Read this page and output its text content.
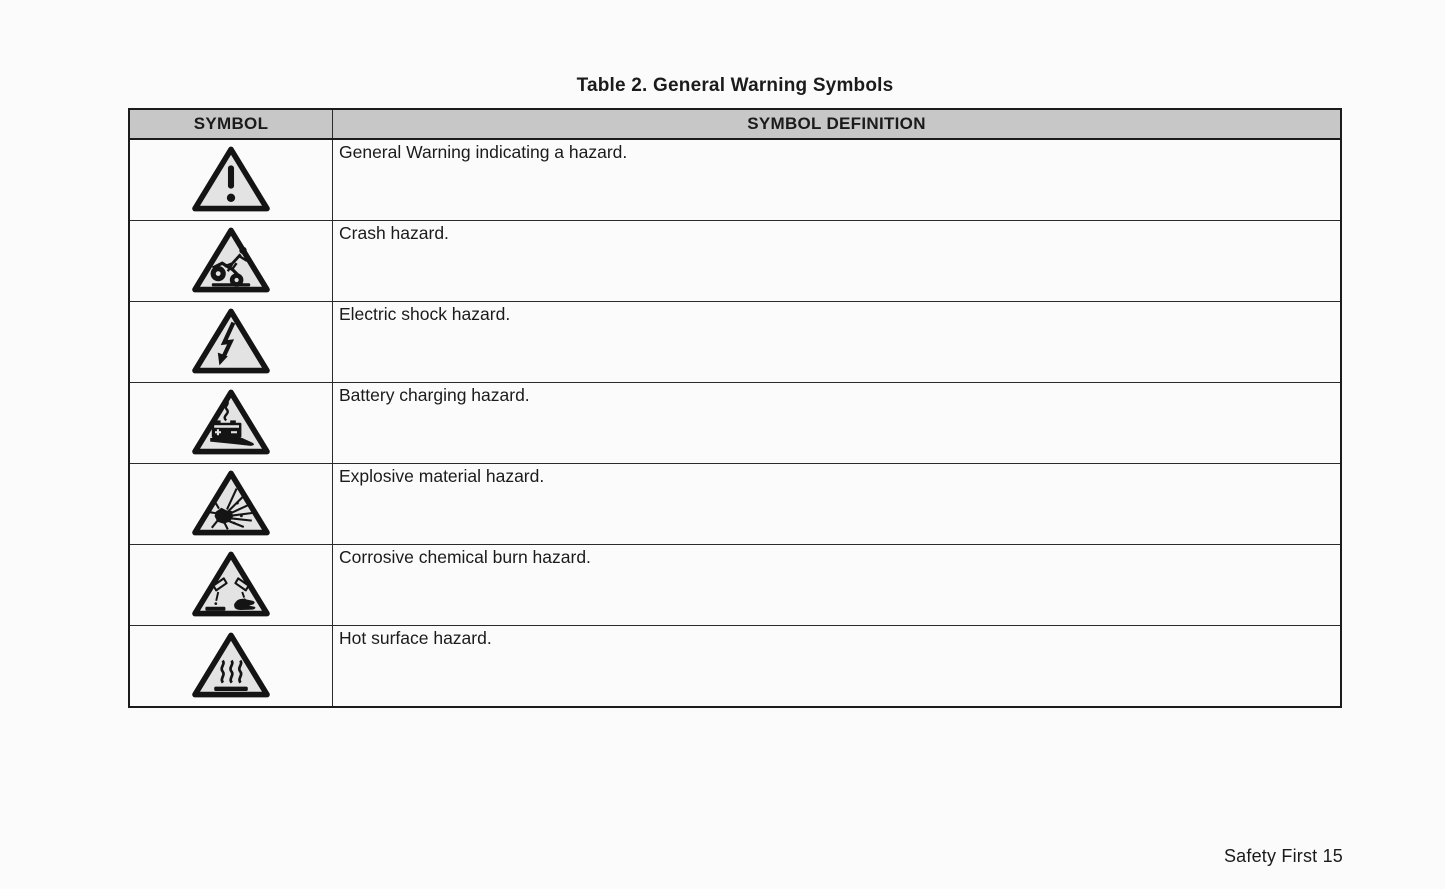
Table 2. General Warning Symbols
SYMBOL	SYMBOL DEFINITION
	General Warning indicating a hazard.
	Crash hazard.
	Electric shock hazard.
	Battery charging hazard.
	Explosive material hazard.
	Corrosive chemical burn hazard.
	Hot surface hazard.
Safety First 15
